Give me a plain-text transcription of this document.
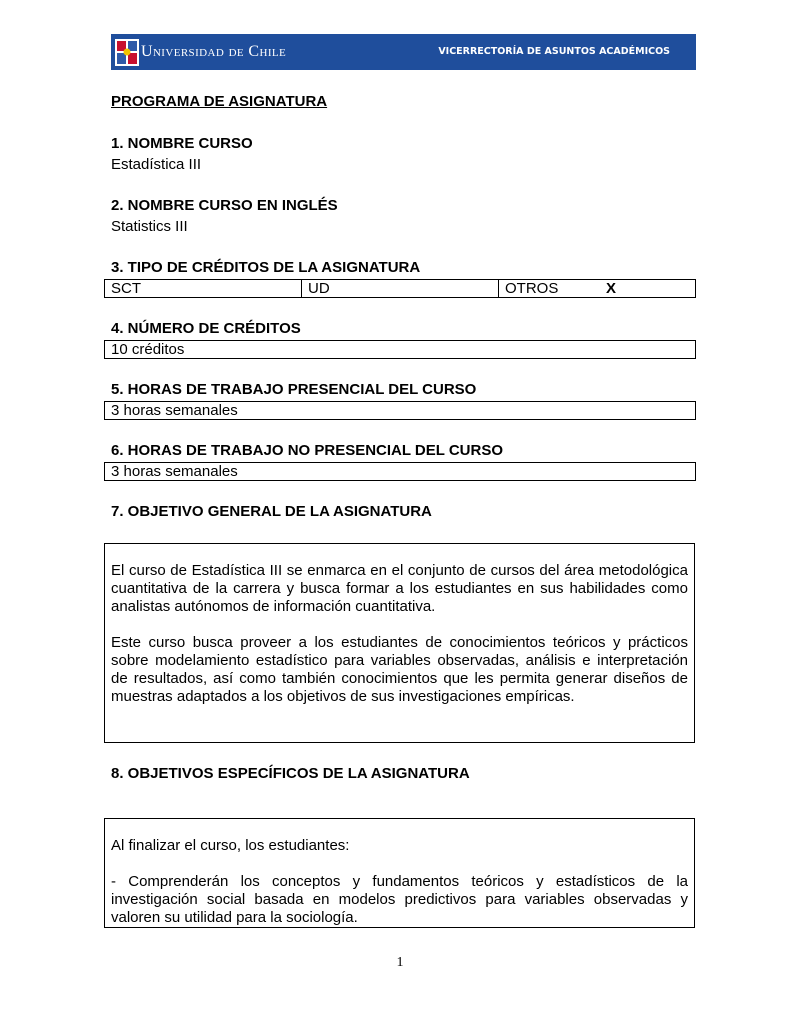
Universidad de Chile	VICERRECTORÍA DE ASUNTOS ACADÉMICOS
PROGRAMA DE ASIGNATURA
1. NOMBRE CURSO
Estadística III
2. NOMBRE CURSO EN INGLÉS
Statistics III
3. TIPO DE CRÉDITOS DE LA ASIGNATURA
SCT	UD	OTROS	X
4. NÚMERO DE CRÉDITOS
10 créditos
5. HORAS DE TRABAJO PRESENCIAL DEL CURSO
3 horas semanales
6. HORAS DE TRABAJO NO PRESENCIAL DEL CURSO
3 horas semanales
7. OBJETIVO GENERAL DE LA ASIGNATURA

El curso de Estadística III se enmarca en el conjunto de cursos del área metodológica cuantitativa de la carrera y busca formar a los estudiantes en sus habilidades como analistas autónomos de información cuantitativa.

Este curso busca proveer a los estudiantes de conocimientos teóricos y prácticos sobre modelamiento estadístico para variables observadas, análisis e interpretación de resultados, así como también conocimientos que les permita generar diseños de muestras adaptados a los objetivos de sus investigaciones empíricas.

8. OBJETIVOS ESPECÍFICOS DE LA ASIGNATURA

Al finalizar el curso, los estudiantes:

- Comprenderán los conceptos y fundamentos teóricos y estadísticos de la investigación social basada en modelos predictivos para variables observadas y valoren su utilidad para la sociología.

1
